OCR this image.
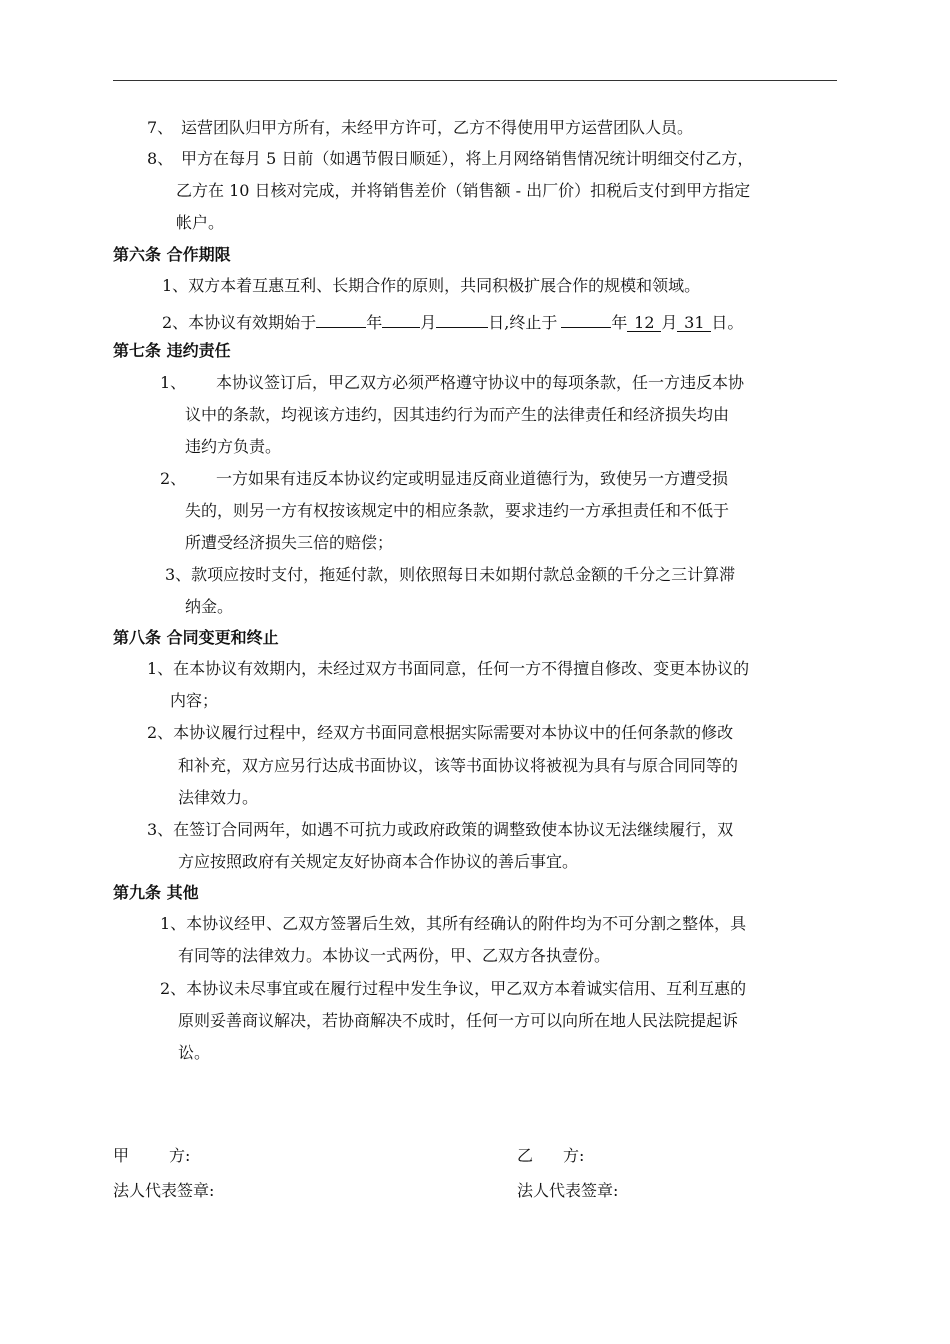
7、 运营团队归甲方所有，未经甲方许可，乙方不得使用甲方运营团队人员。
8、 甲方在每月 5 日前（如遇节假日顺延），将上月网络销售情况统计明细交付乙方，
乙方在 10 日核对完成，并将销售差价（销售额 - 出厂价）扣税后支付到甲方指定
帐户。
第六条 合作期限
1、双方本着互惠互利、长期合作的原则，共同积极扩展合作的规模和领域。
2、本协议有效期始于	年 月	日,终止于	年 12 月 31 日。
第七条 违约责任
1、 本协议签订后，甲乙双方必须严格遵守协议中的每项条款，任一方违反本协
议中的条款，均视该方违约，因其违约行为而产生的法律责任和经济损失均由
违约方负责。
2、 一方如果有违反本协议约定或明显违反商业道德行为，致使另一方遭受损
失的，则另一方有权按该规定中的相应条款，要求违约一方承担责任和不低于
所遭受经济损失三倍的赔偿；
3、款项应按时支付，拖延付款，则依照每日未如期付款总金额的千分之三计算滞
纳金。
第八条 合同变更和终止
1、在本协议有效期内，未经过双方书面同意，任何一方不得擅自修改、变更本协议的
内容；
2、本协议履行过程中，经双方书面同意根据实际需要对本协议中的任何条款的修改
和补充，双方应另行达成书面协议，该等书面协议将被视为具有与原合同同等的
法律效力。
3、在签订合同两年，如遇不可抗力或政府政策的调整致使本协议无法继续履行，双
方应按照政府有关规定友好协商本合作协议的善后事宜。
第九条 其他
1、本协议经甲、乙双方签署后生效，其所有经确认的附件均为不可分割之整体，具
有同等的法律效力。本协议一式两份，甲、乙双方各执壹份。
2、本协议未尽事宜或在履行过程中发生争议，甲乙双方本着诚实信用、互利互惠的
原则妥善商议解决，若协商解决不成时，任何一方可以向所在地人民法院提起诉
讼。
甲	方:	乙 方:
法人代表签章:	法人代表签章:
